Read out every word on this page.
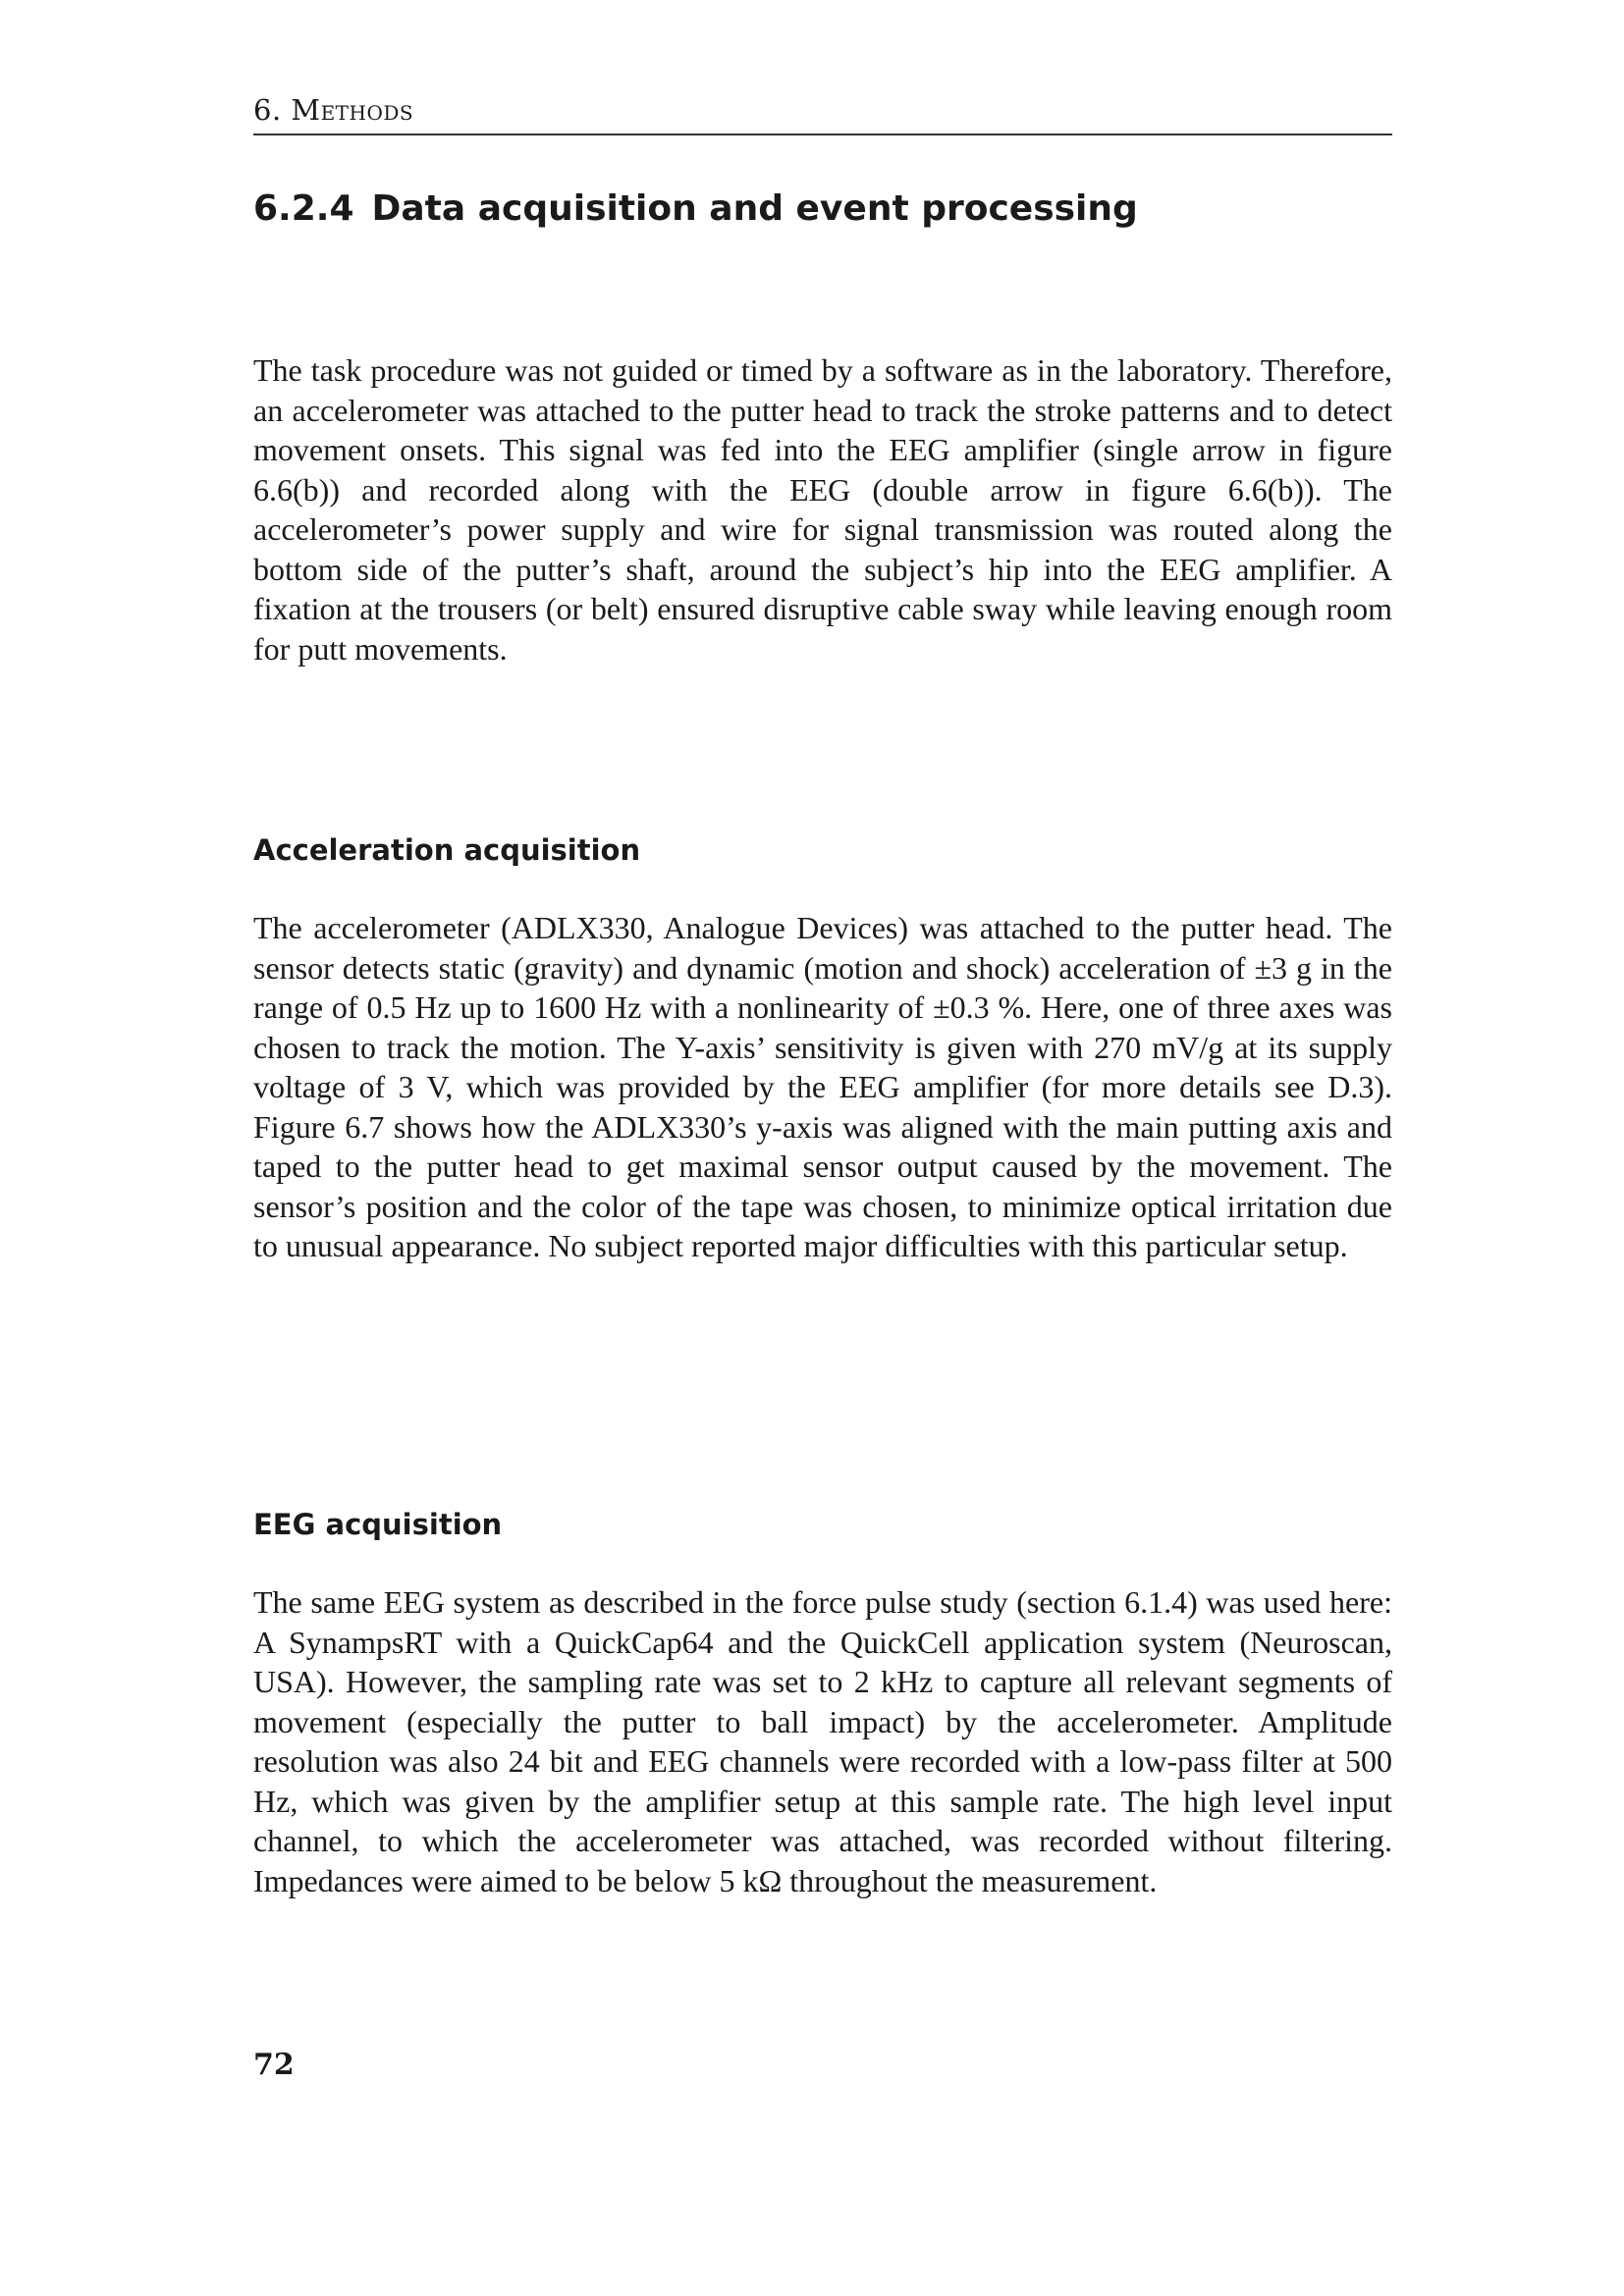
6. Methods
6.2.4 Data acquisition and event processing

The task procedure was not guided or timed by a software as in the laboratory. Therefore, an accelerometer was attached to the putter head to track the stroke patterns and to detect movement onsets. This signal was fed into the EEG amplifier (single arrow in figure 6.6(b)) and recorded along with the EEG (double arrow in figure 6.6(b)). The accelerometer’s power supply and wire for signal transmission was routed along the bottom side of the putter’s shaft, around the subject’s hip into the EEG amplifier. A fixation at the trousers (or belt) ensured disruptive cable sway while leaving enough room for putt movements.

Acceleration acquisition

The accelerometer (ADLX330, Analogue Devices) was attached to the putter head. The sensor detects static (gravity) and dynamic (motion and shock) acceleration of ±3 g in the range of 0.5 Hz up to 1600 Hz with a nonlinearity of ±0.3 %. Here, one of three axes was chosen to track the motion. The Y-axis’ sensitivity is given with 270 mV/g at its supply voltage of 3 V, which was provided by the EEG amplifier (for more details see D.3). Figure 6.7 shows how the ADLX330’s y-axis was aligned with the main putting axis and taped to the putter head to get maximal sensor output caused by the movement. The sensor’s position and the color of the tape was chosen, to minimize optical irritation due to unusual appearance. No subject reported major difficulties with this particular setup.

EEG acquisition

The same EEG system as described in the force pulse study (section 6.1.4) was used here: A SynampsRT with a QuickCap64 and the QuickCell application system (Neuroscan, USA). However, the sampling rate was set to 2 kHz to capture all relevant segments of movement (especially the putter to ball impact) by the accelerometer. Amplitude resolution was also 24 bit and EEG channels were recorded with a low-pass filter at 500 Hz, which was given by the amplifier setup at this sample rate. The high level input channel, to which the accelerometer was attached, was recorded without filtering. Impedances were aimed to be below 5 kΩ throughout the measurement.

72
